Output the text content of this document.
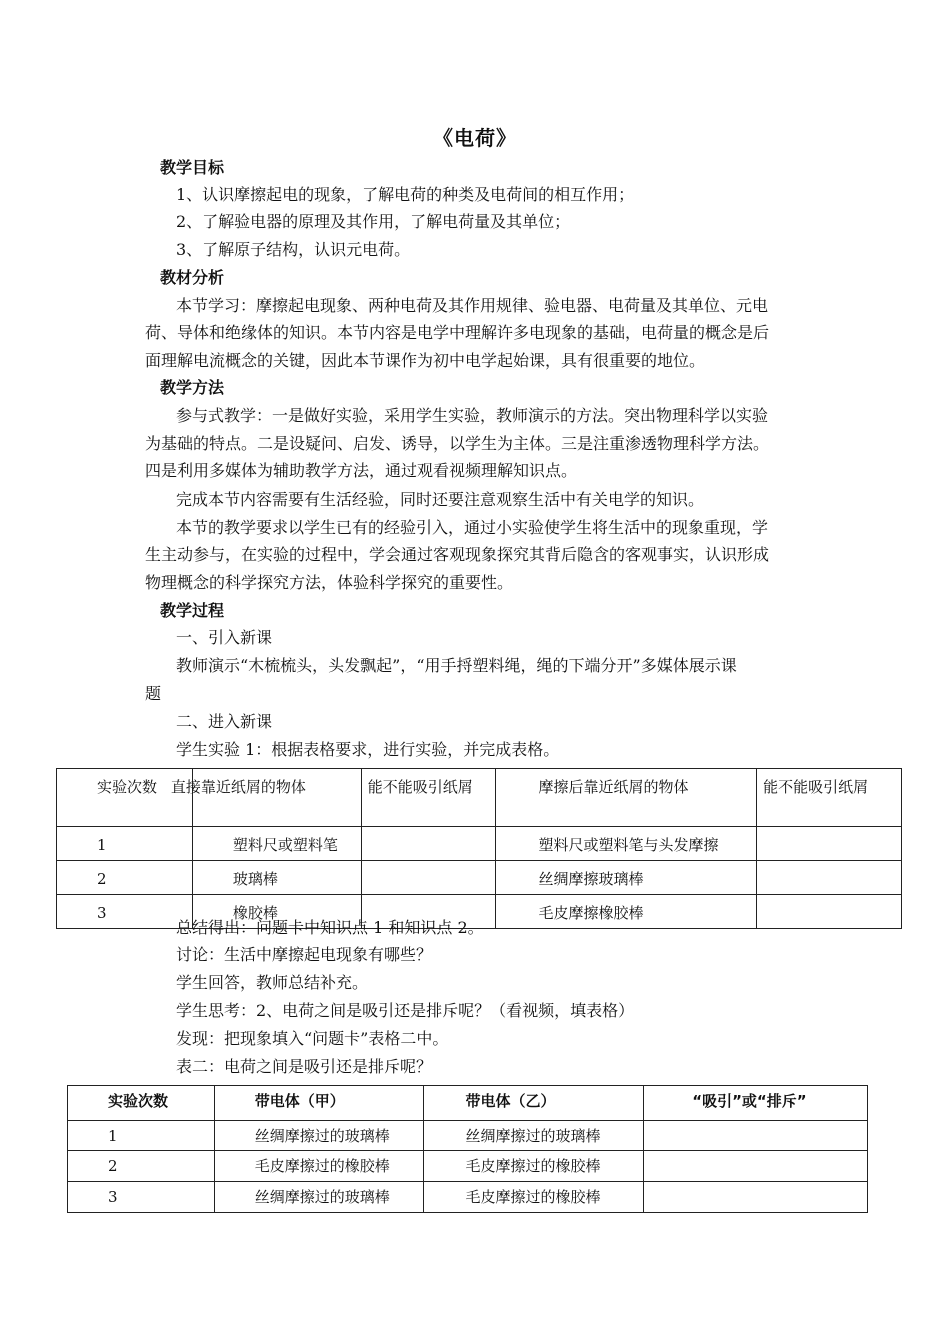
《电荷》
教学目标
1、认识摩擦起电的现象，了解电荷的种类及电荷间的相互作用；
2、了解验电器的原理及其作用，了解电荷量及其单位；
3、了解原子结构，认识元电荷。
教材分析
本节学习：摩擦起电现象、两种电荷及其作用规律、验电器、电荷量及其单位、元电
荷、导体和绝缘体的知识。本节内容是电学中理解许多电现象的基础，电荷量的概念是后
面理解电流概念的关键，因此本节课作为初中电学起始课，具有很重要的地位。
教学方法
参与式教学：一是做好实验，采用学生实验，教师演示的方法。突出物理科学以实验
为基础的特点。二是设疑问、启发、诱导，以学生为主体。三是注重渗透物理科学方法。
四是利用多媒体为辅助教学方法，通过观看视频理解知识点。
完成本节内容需要有生活经验，同时还要注意观察生活中有关电学的知识。
本节的教学要求以学生已有的经验引入，通过小实验使学生将生活中的现象重现，学
生主动参与，在实验的过程中，学会通过客观现象探究其背后隐含的客观事实，认识形成
物理概念的科学探究方法，体验科学探究的重要性。
教学过程
一、引入新课
教师演示“木梳梳头，头发飘起”，“用手捋塑料绳，绳的下端分开”多媒体展示课
题
二、进入新课
学生实验 1：根据表格要求，进行实验，并完成表格。
实验次数	直接靠近纸屑的物体	能不能吸引纸屑	摩擦后靠近纸屑的物体	能不能吸引纸屑

1	塑料尺或塑料笔		塑料尺或塑料笔与头发摩擦	
2	玻璃棒		丝绸摩擦玻璃棒	
3	橡胶棒		毛皮摩擦橡胶棒	
总结得出：问题卡中知识点 1 和知识点 2。
讨论：生活中摩擦起电现象有哪些？
学生回答，教师总结补充。
学生思考：2、电荷之间是吸引还是排斥呢？（看视频，填表格）
发现：把现象填入“问题卡”表格二中。
表二：电荷之间是吸引还是排斥呢？
实验次数	带电体（甲）	带电体（乙）	“吸引”或“排斥”
1	丝绸摩擦过的玻璃棒	丝绸摩擦过的玻璃棒	
2	毛皮摩擦过的橡胶棒	毛皮摩擦过的橡胶棒	
3	丝绸摩擦过的玻璃棒	毛皮摩擦过的橡胶棒	
